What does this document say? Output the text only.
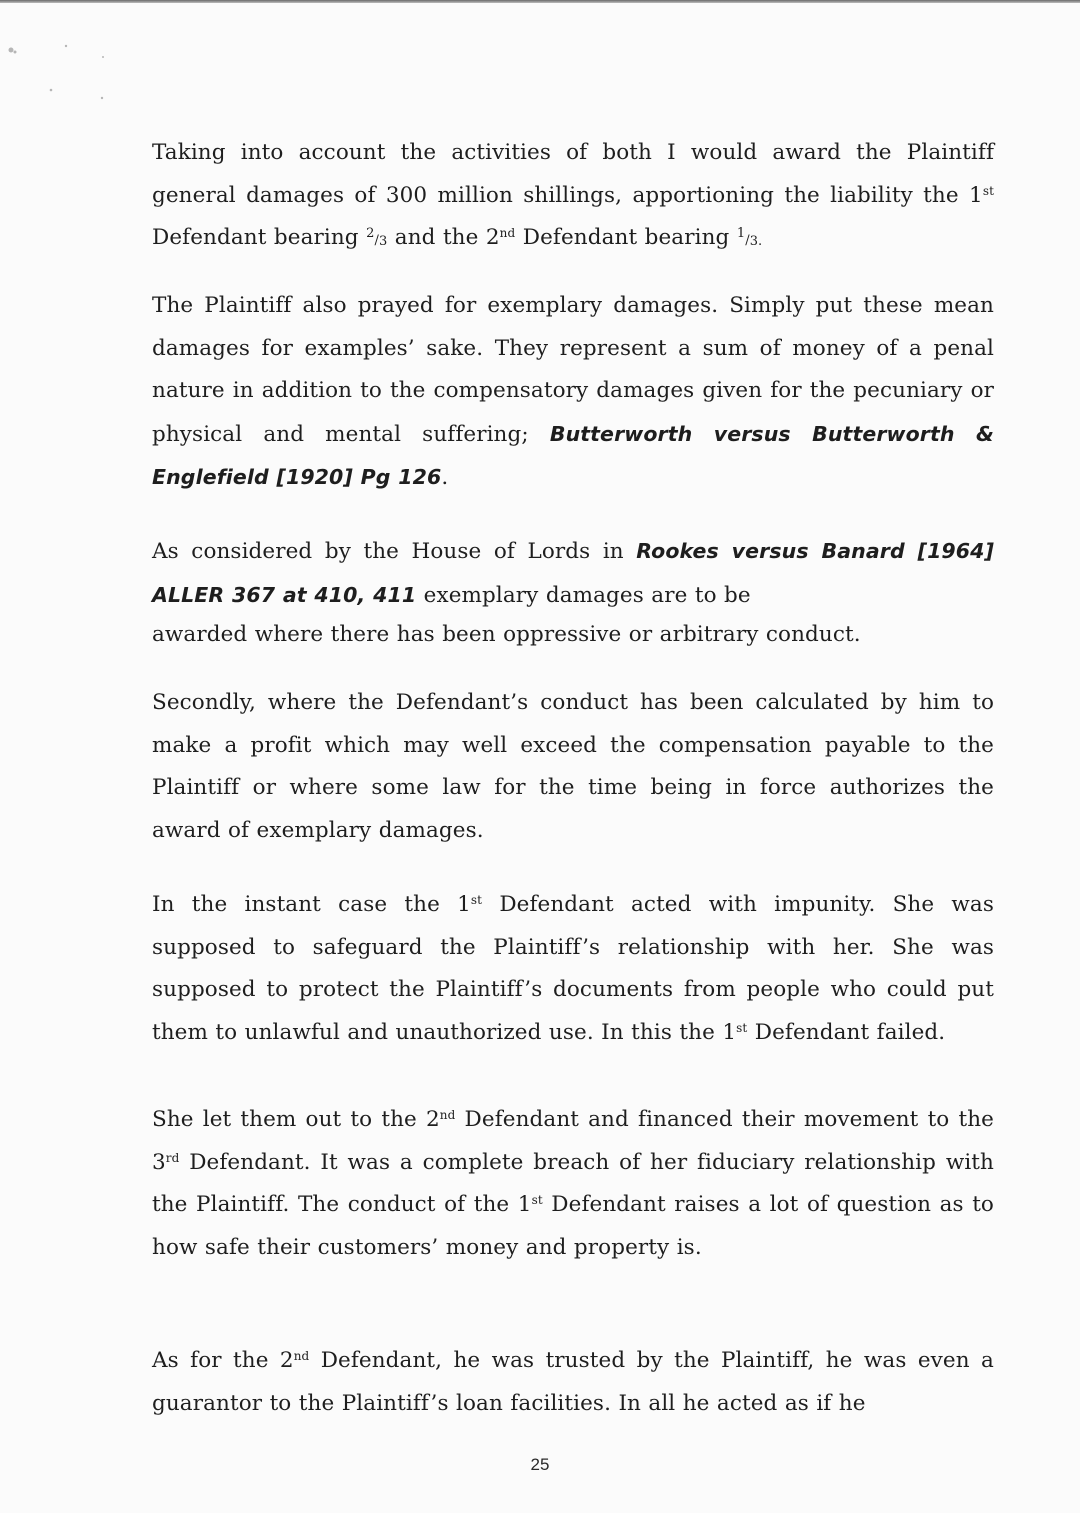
Taking into account the activities of both I would award the Plaintiff general damages of 300 million shillings, apportioning the liability the 1st Defendant bearing 2/3 and the 2nd Defendant bearing 1/3.

The Plaintiff also prayed for exemplary damages. Simply put these mean damages for examples’ sake. They represent a sum of money of a penal nature in addition to the compensatory damages given for the pecuniary or physical and mental suffering; Butterworth versus Butterworth & Englefield [1920] Pg 126.

As considered by the House of Lords in Rookes versus Banard [1964] ALLER 367 at 410, 411 exemplary damages are to be
awarded where there has been oppressive or arbitrary conduct.

Secondly, where the Defendant’s conduct has been calculated by him to make a profit which may well exceed the compensation payable to the Plaintiff or where some law for the time being in force authorizes the award of exemplary damages.

In the instant case the 1st Defendant acted with impunity. She was supposed to safeguard the Plaintiff’s relationship with her. She was supposed to protect the Plaintiff’s documents from people who could put them to unlawful and unauthorized use. In this the 1st Defendant failed.

She let them out to the 2nd Defendant and financed their movement to the 3rd Defendant. It was a complete breach of her fiduciary relationship with the Plaintiff. The conduct of the 1st Defendant raises a lot of question as to how safe their customers’ money and property is.

As for the 2nd Defendant, he was trusted by the Plaintiff, he was even a guarantor to the Plaintiff’s loan facilities. In all he acted as if he

25
